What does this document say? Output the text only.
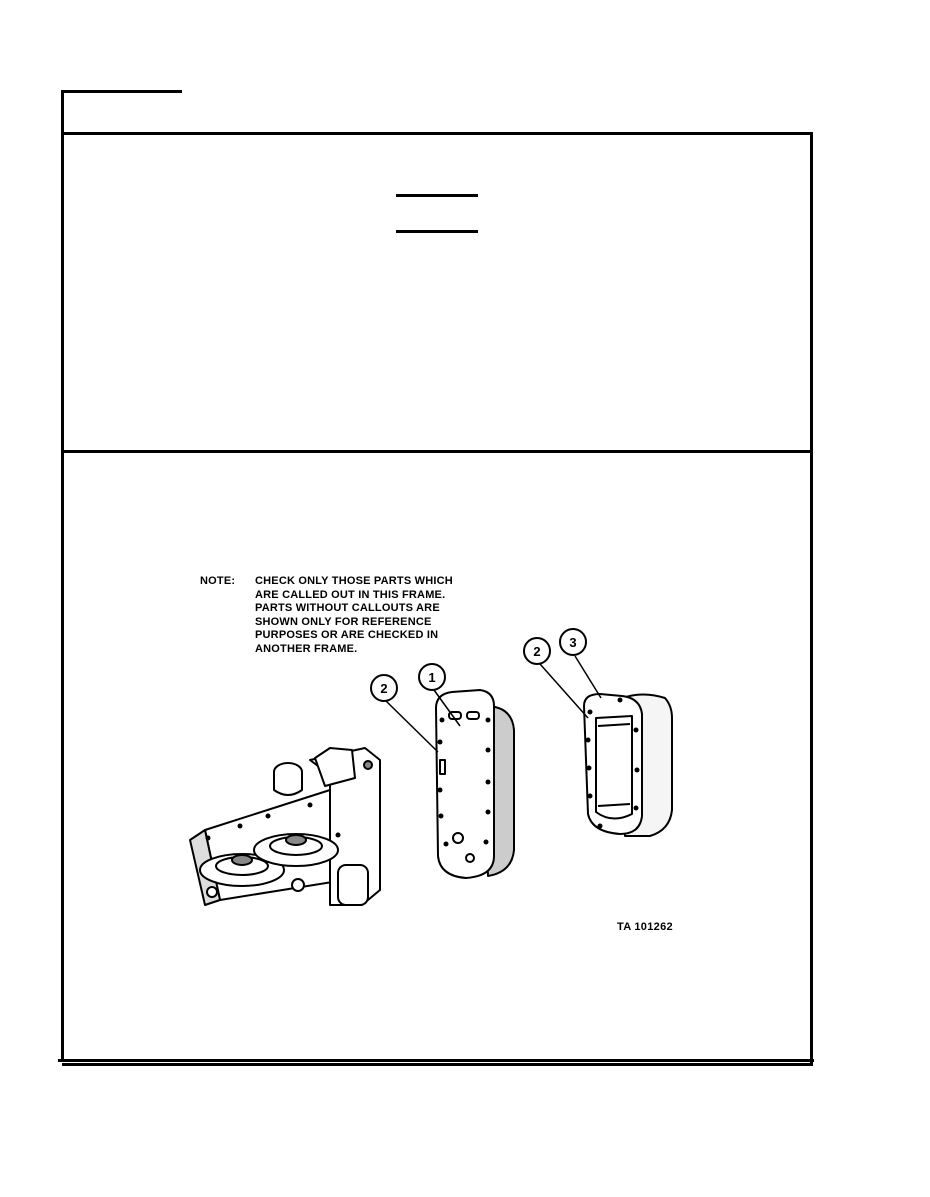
NOTE:	CHECK ONLY THOSE PARTS WHICH
ARE CALLED OUT IN THIS FRAME.
PARTS WITHOUT CALLOUTS ARE
SHOWN ONLY FOR REFERENCE
PURPOSES OR ARE CHECKED IN
ANOTHER FRAME.
2
1
2
3
TA 101262
